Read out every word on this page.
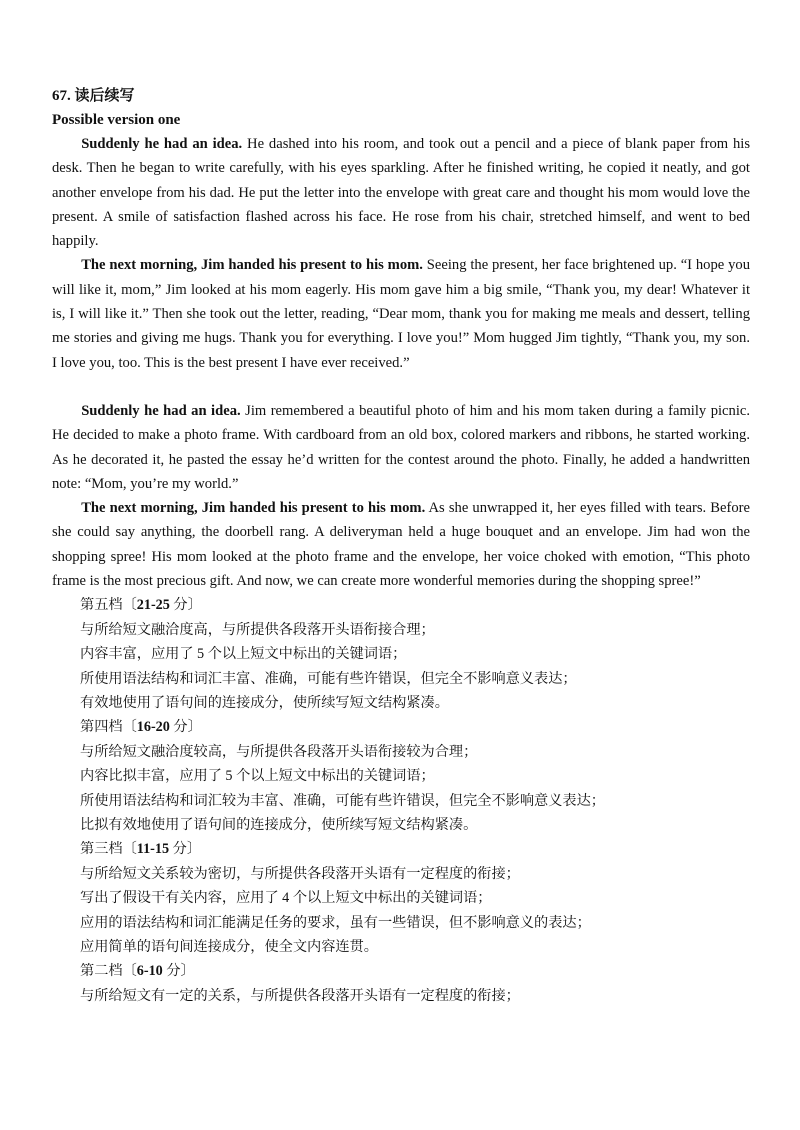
67. 读后续写

Possible version one

Suddenly he had an idea. He dashed into his room, and took out a pencil and a piece of blank paper from his desk. Then he began to write carefully, with his eyes sparkling. After he finished writing, he copied it neatly, and got another envelope from his dad. He put the letter into the envelope with great care and thought his mom would love the present. A smile of satisfaction flashed across his face. He rose from his chair, stretched himself, and went to bed happily.

The next morning, Jim handed his present to his mom. Seeing the present, her face brightened up. “I hope you will like it, mom,” Jim looked at his mom eagerly. His mom gave him a big smile, “Thank you, my dear! Whatever it is, I will like it.” Then she took out the letter, reading, “Dear mom, thank you for making me meals and dessert, telling me stories and giving me hugs. Thank you for everything. I love you!” Mom hugged Jim tightly, “Thank you, my son. I love you, too. This is the best present I have ever received.”

Suddenly he had an idea. Jim remembered a beautiful photo of him and his mom taken during a family picnic. He decided to make a photo frame. With cardboard from an old box, colored markers and ribbons, he started working. As he decorated it, he pasted the essay he’d written for the contest around the photo. Finally, he added a handwritten note: “Mom, you’re my world.”

The next morning, Jim handed his present to his mom. As she unwrapped it, her eyes filled with tears. Before she could say anything, the doorbell rang. A deliveryman held a huge bouquet and an envelope. Jim had won the shopping spree! His mom looked at the photo frame and the envelope, her voice choked with emotion, “This photo frame is the most precious gift. And now, we can create more wonderful memories during the shopping spree!”

第五档〔21-25 分〕

与所给短文融洽度高，与所提供各段落开头语衔接合理；

内容丰富，应用了 5 个以上短文中标出的关键词语；

所使用语法结构和词汇丰富、准确，可能有些许错误，但完全不影响意义表达；

有效地使用了语句间的连接成分，使所续写短文结构紧凑。

第四档〔16-20 分〕

与所给短文融洽度较高，与所提供各段落开头语衔接较为合理；

内容比拟丰富，应用了 5 个以上短文中标出的关键词语；

所使用语法结构和词汇较为丰富、准确，可能有些许错误，但完全不影响意义表达；

比拟有效地使用了语句间的连接成分，使所续写短文结构紧凑。

第三档〔11-15 分〕

与所给短文关系较为密切，与所提供各段落开头语有一定程度的衔接；

写出了假设干有关内容，应用了 4 个以上短文中标出的关键词语；

应用的语法结构和词汇能满足任务的要求，虽有一些错误，但不影响意义的表达；

应用简单的语句间连接成分，使全文内容连贯。

第二档〔6-10 分〕

与所给短文有一定的关系，与所提供各段落开头语有一定程度的衔接；
